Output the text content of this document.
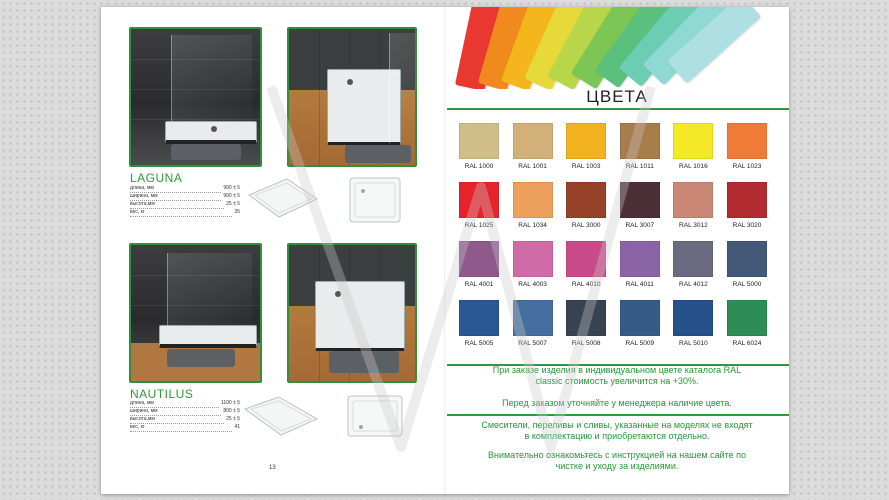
LAGUNA
длина, мм	900 ± 5
ширина, мм	900 ± 5
высота,мм	25 ± 5
вес, кг	35
NAUTILUS
длина, мм	1100 ± 5
ширина, мм	800 ± 5
высота,мм	25 ± 5
вес, кг	41
13
ЦВЕТА
RAL 1000	RAL 1001	RAL 1003	RAL 1011	RAL 1016	RAL 1023
RAL 1025	RAL 1034	RAL 3000	RAL 3007	RAL 3012	RAL 3020
RAL 4001	RAL 4003	RAL 4010	RAL 4011	RAL 4012	RAL 5000
RAL 5005	RAL 5007	RAL 5008	RAL 5009	RAL 5010	RAL 6024
При заказе изделия в индивидуальном цвете каталога RAL classic стоимость увеличится на +30%.
Перед заказом уточняйте у менеджера наличие цвета.
Смесители, переливы и сливы, указанные на моделях не входят в комплектацию и приобретаются отдельно.
Внимательно ознакомьтесь с инструкцией на нашем сайте по чистке и уходу за изделиями.
